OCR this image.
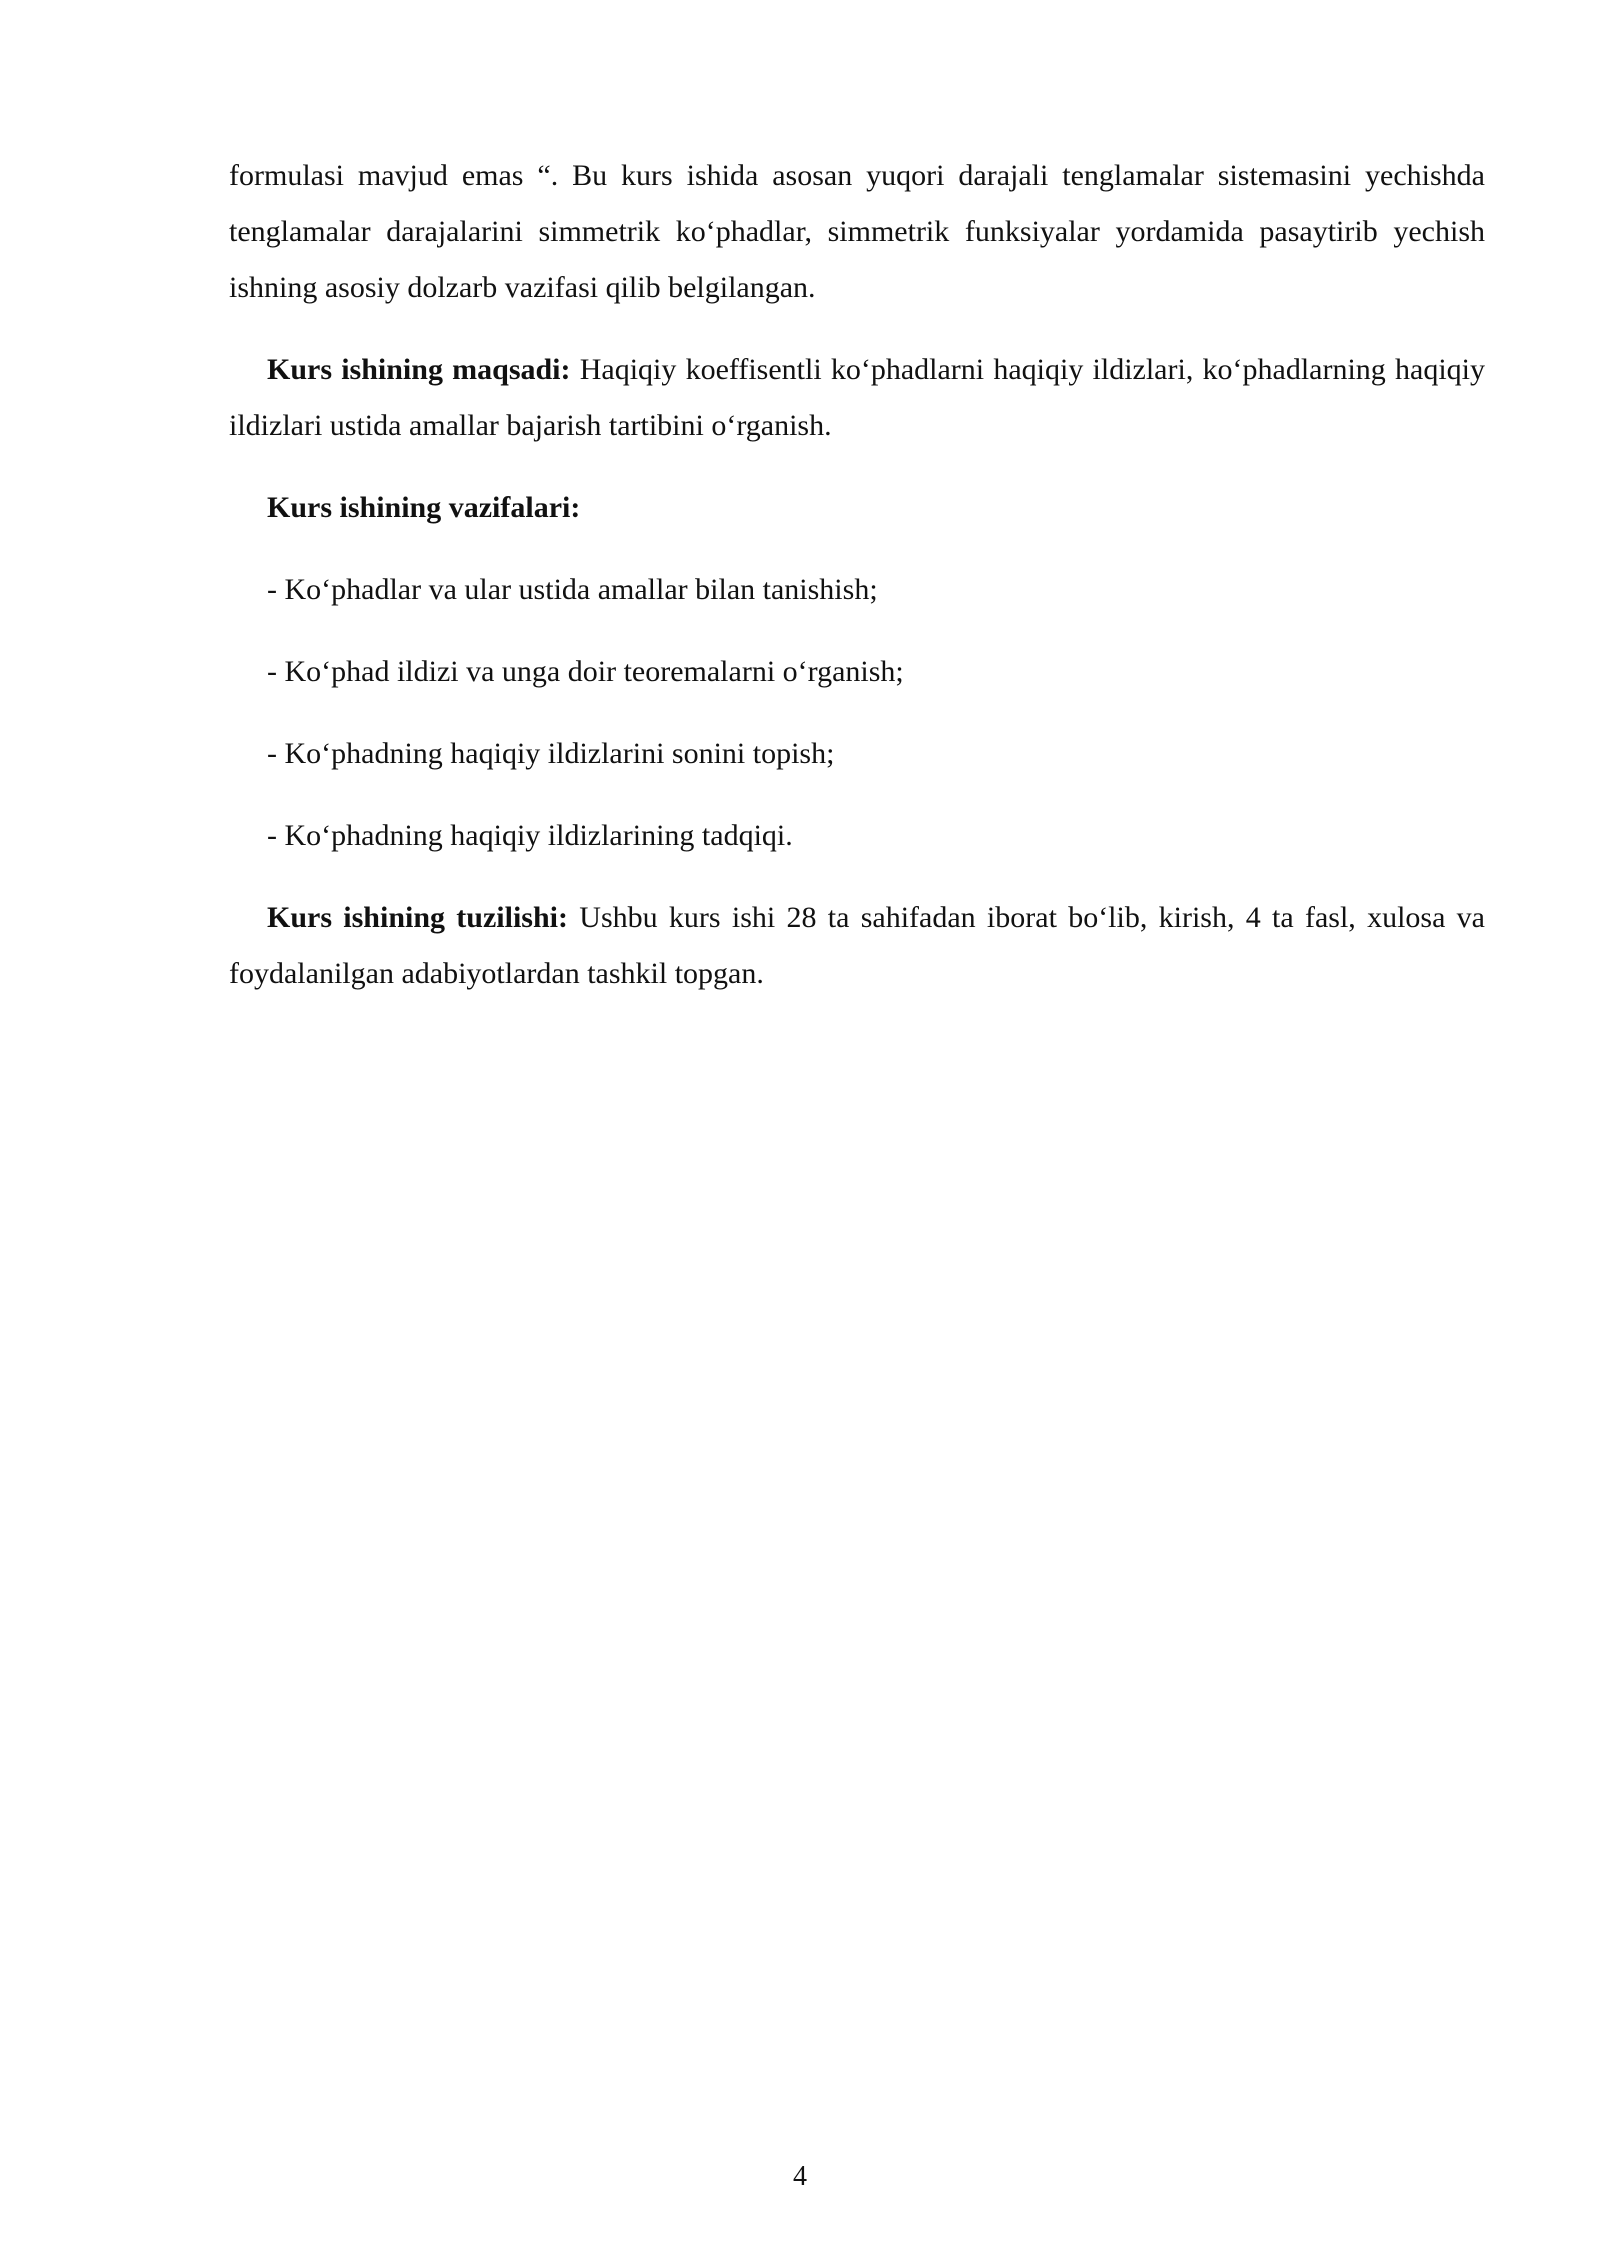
formulasi mavjud emas “. Bu kurs ishida asosan yuqori darajali tenglamalar sistemasini yechishda tenglamalar darajalarini simmetrik ko‘phadlar, simmetrik funksiyalar yordamida pasaytirib yechish ishning asosiy dolzarb vazifasi qilib belgilangan.

Kurs ishining maqsadi: Haqiqiy koeffisentli ko‘phadlarni haqiqiy ildizlari, ko‘phadlarning haqiqiy ildizlari ustida amallar bajarish tartibini o‘rganish.

Kurs ishining vazifalari:

- Ko‘phadlar va ular ustida amallar bilan tanishish;

- Ko‘phad ildizi va unga doir teoremalarni o‘rganish;

- Ko‘phadning haqiqiy ildizlarini sonini topish;

- Ko‘phadning haqiqiy ildizlarining tadqiqi.

Kurs ishining tuzilishi: Ushbu kurs ishi 28 ta sahifadan iborat bo‘lib, kirish, 4 ta fasl, xulosa va foydalanilgan adabiyotlardan tashkil topgan.

4
